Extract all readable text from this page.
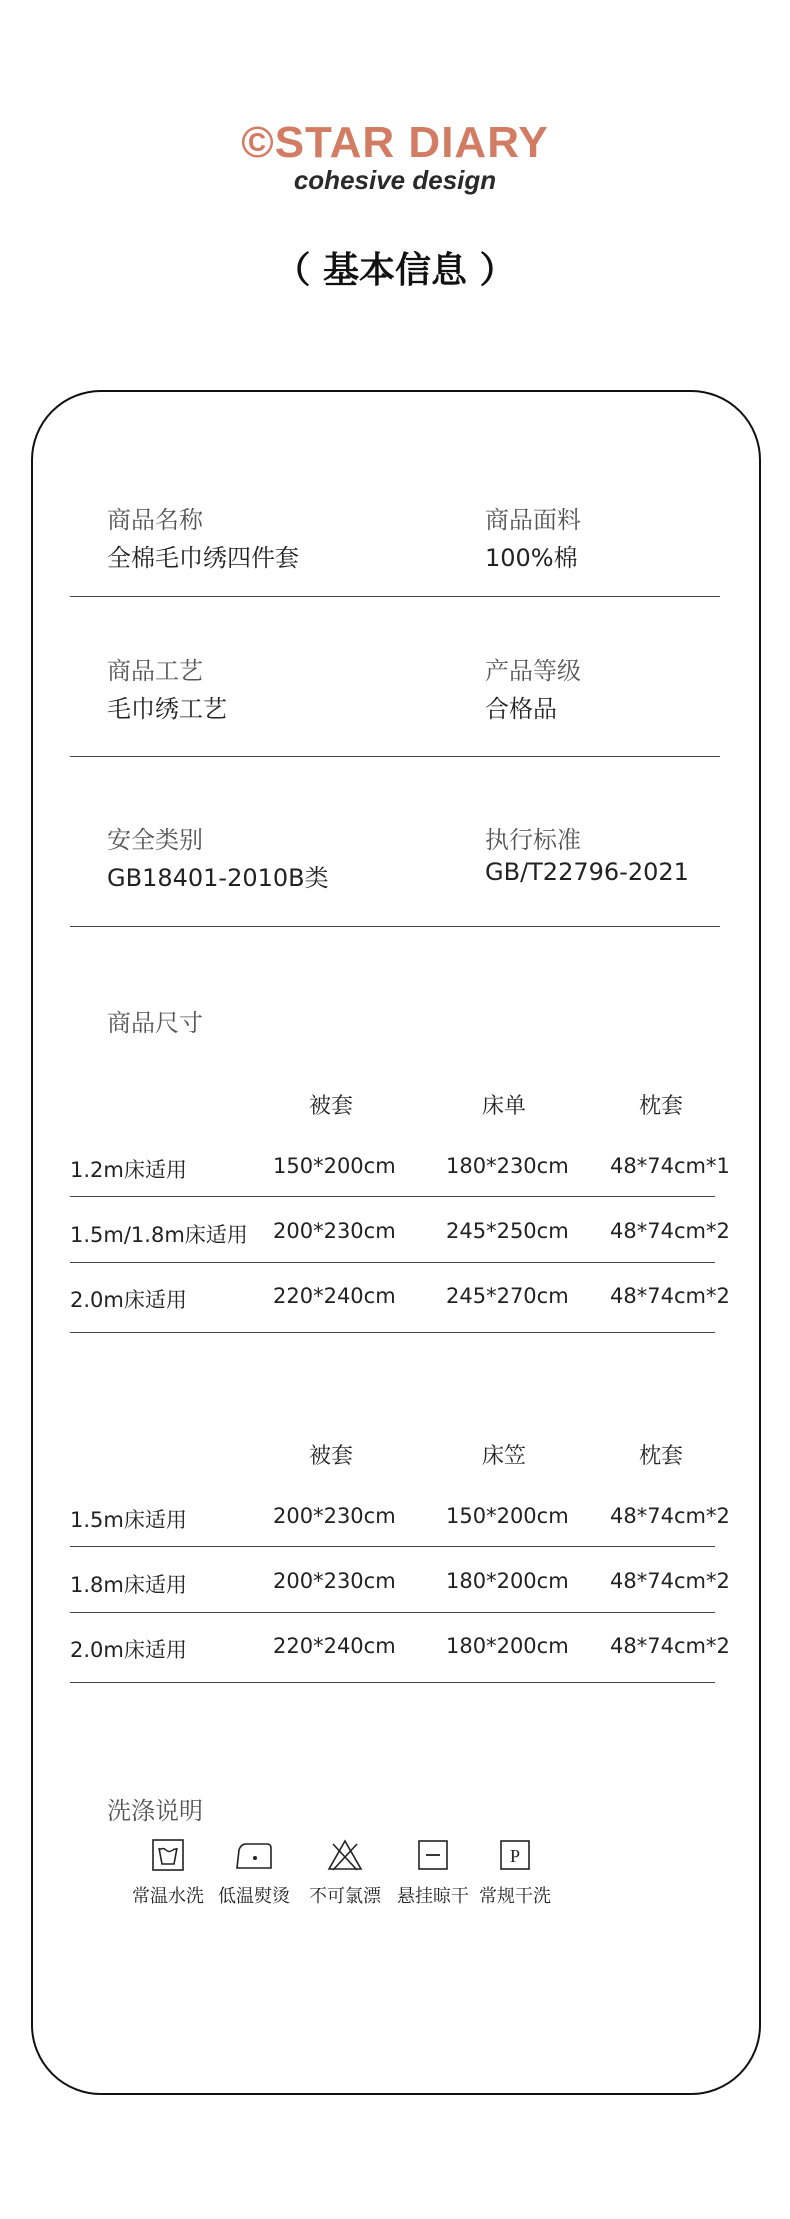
©STAR DIARY
cohesive design
（ 基本信息 ）
商品名称
全棉毛巾绣四件套
商品面料
100%棉
商品工艺
毛巾绣工艺
产品等级
合格品
安全类别
GB18401-2010B类
执行标准
GB/T22796-2021
商品尺寸
被套	床单	枕套
1.2m床适用	150*200cm 180*230cm 48*74cm*1
1.5m/1.8m床适用 200*230cm 245*250cm 48*74cm*2
2.0m床适用	220*240cm 245*270cm 48*74cm*2
被套	床笠	枕套
1.5m床适用	200*230cm 150*200cm 48*74cm*2
1.8m床适用	200*230cm 180*200cm 48*74cm*2
2.0m床适用	220*240cm 180*200cm 48*74cm*2
洗涤说明
常温水洗 低温熨烫 不可氯漂 悬挂晾干
P
常规干洗
